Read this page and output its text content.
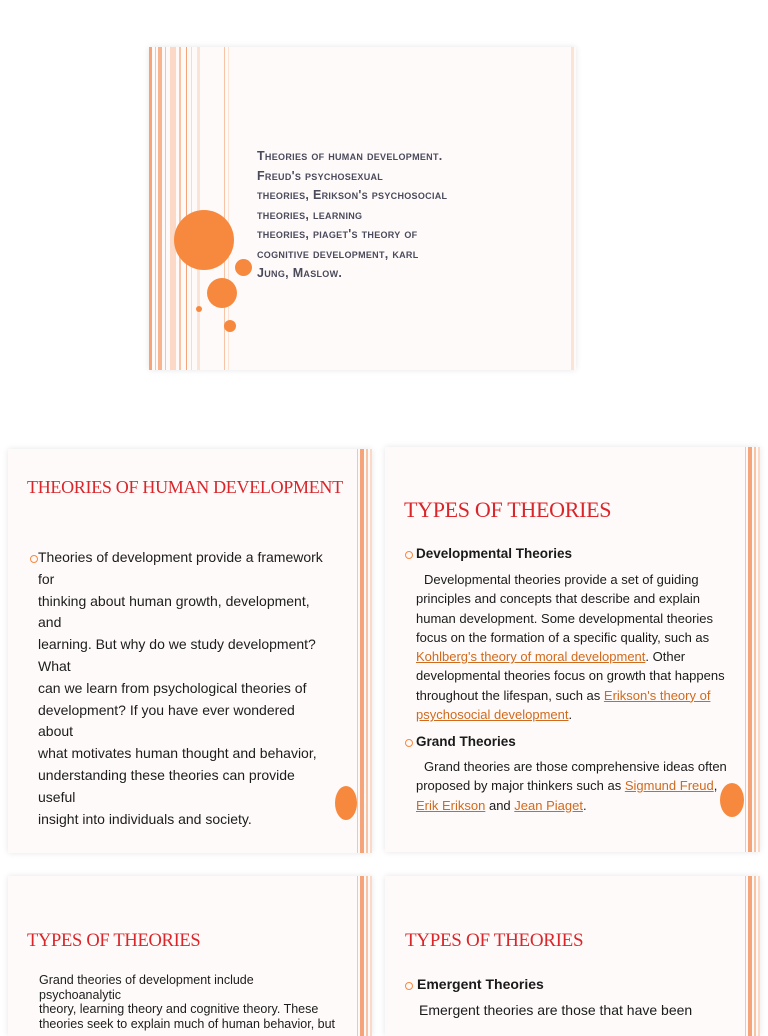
Theories of human development.
Freud's psychosexual
theories, Erikson's psychosocial
theories, learning
theories, piaget's theory of
cognitive development, karl
Jung, Maslow.
THEORIES OF HUMAN DEVELOPMENT
Theories of development provide a framework for
thinking about human growth, development, and
learning. But why do we study development? What
can we learn from psychological theories of
development? If you have ever wondered about
what motivates human thought and behavior,
understanding these theories can provide useful
insight into individuals and society.
TYPES OF THEORIES
Developmental Theories
Developmental theories provide a set of guiding
principles and concepts that describe and explain
human development. Some developmental theories
focus on the formation of a specific quality, such as
Kohlberg's theory of moral development. Other
developmental theories focus on growth that happens
throughout the lifespan, such as Erikson's theory of
psychosocial development.
Grand Theories
Grand theories are those comprehensive ideas often
proposed by major thinkers such as Sigmund Freud,
Erik Erikson and Jean Piaget.
TYPES OF THEORIES
Grand theories of development include psychoanalytic
theory, learning theory and cognitive theory. These
theories seek to explain much of human behavior, but
TYPES OF THEORIES
Emergent Theories
Emergent theories are those that have been
